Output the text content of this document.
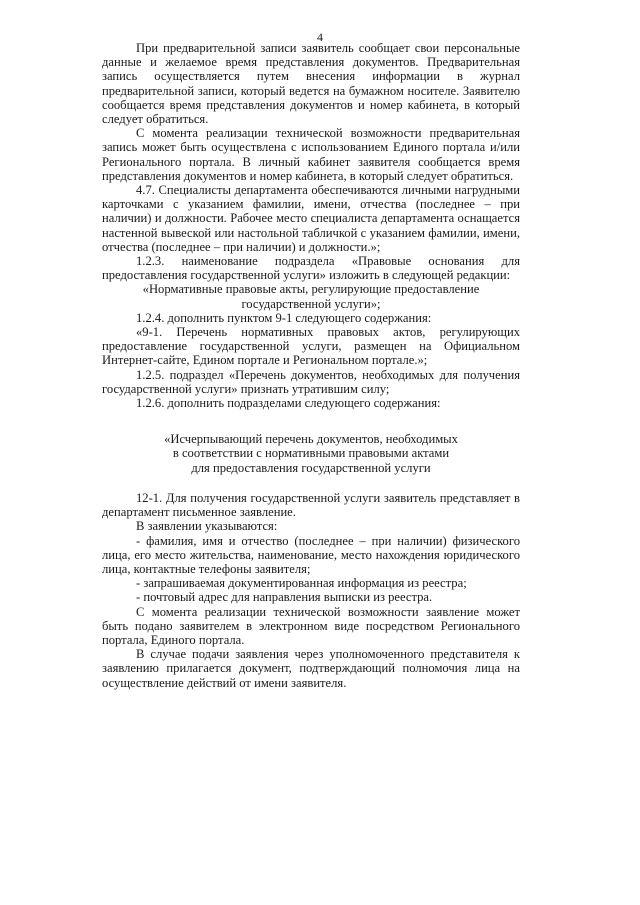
4

При предварительной записи заявитель сообщает свои персональные данные и желаемое время представления документов. Предварительная запись осуществляется путем внесения информации в журнал предварительной записи, который ведется на бумажном носителе. Заявителю сообщается время представления документов и номер кабинета, в который следует обратиться.

С момента реализации технической возможности предварительная запись может быть осуществлена с использованием Единого портала и/или Регионального портала. В личный кабинет заявителя сообщается время представления документов и номер кабинета, в который следует обратиться.

4.7. Специалисты департамента обеспечиваются личными нагрудными карточками с указанием фамилии, имени, отчества (последнее – при наличии) и должности. Рабочее место специалиста департамента оснащается настенной вывеской или настольной табличкой с указанием фамилии, имени, отчества (последнее – при наличии) и должности.»;

1.2.3. наименование подраздела «Правовые основания для предоставления государственной услуги» изложить в следующей редакции:

«Нормативные правовые акты, регулирующие предоставление

государственной услуги»;

1.2.4. дополнить пунктом 9-1 следующего содержания:

«9-1. Перечень нормативных правовых актов, регулирующих предоставление государственной услуги, размещен на Официальном Интернет-сайте, Едином портале и Региональном портале.»;

1.2.5. подраздел «Перечень документов, необходимых для получения государственной услуги» признать утратившим силу;

1.2.6. дополнить подразделами следующего содержания:

«Исчерпывающий перечень документов, необходимых

в соответствии с нормативными правовыми актами

для предоставления государственной услуги

12-1. Для получения государственной услуги заявитель представляет в департамент письменное заявление.

В заявлении указываются:

- фамилия, имя и отчество (последнее – при наличии) физического лица, его место жительства, наименование, место нахождения юридического лица, контактные телефоны заявителя;

- запрашиваемая документированная информация из реестра;

- почтовый адрес для направления выписки из реестра.

С момента реализации технической возможности заявление может быть подано заявителем в электронном виде посредством Регионального портала, Единого портала.

В случае подачи заявления через уполномоченного представителя к заявлению прилагается документ, подтверждающий полномочия лица на осуществление действий от имени заявителя.
